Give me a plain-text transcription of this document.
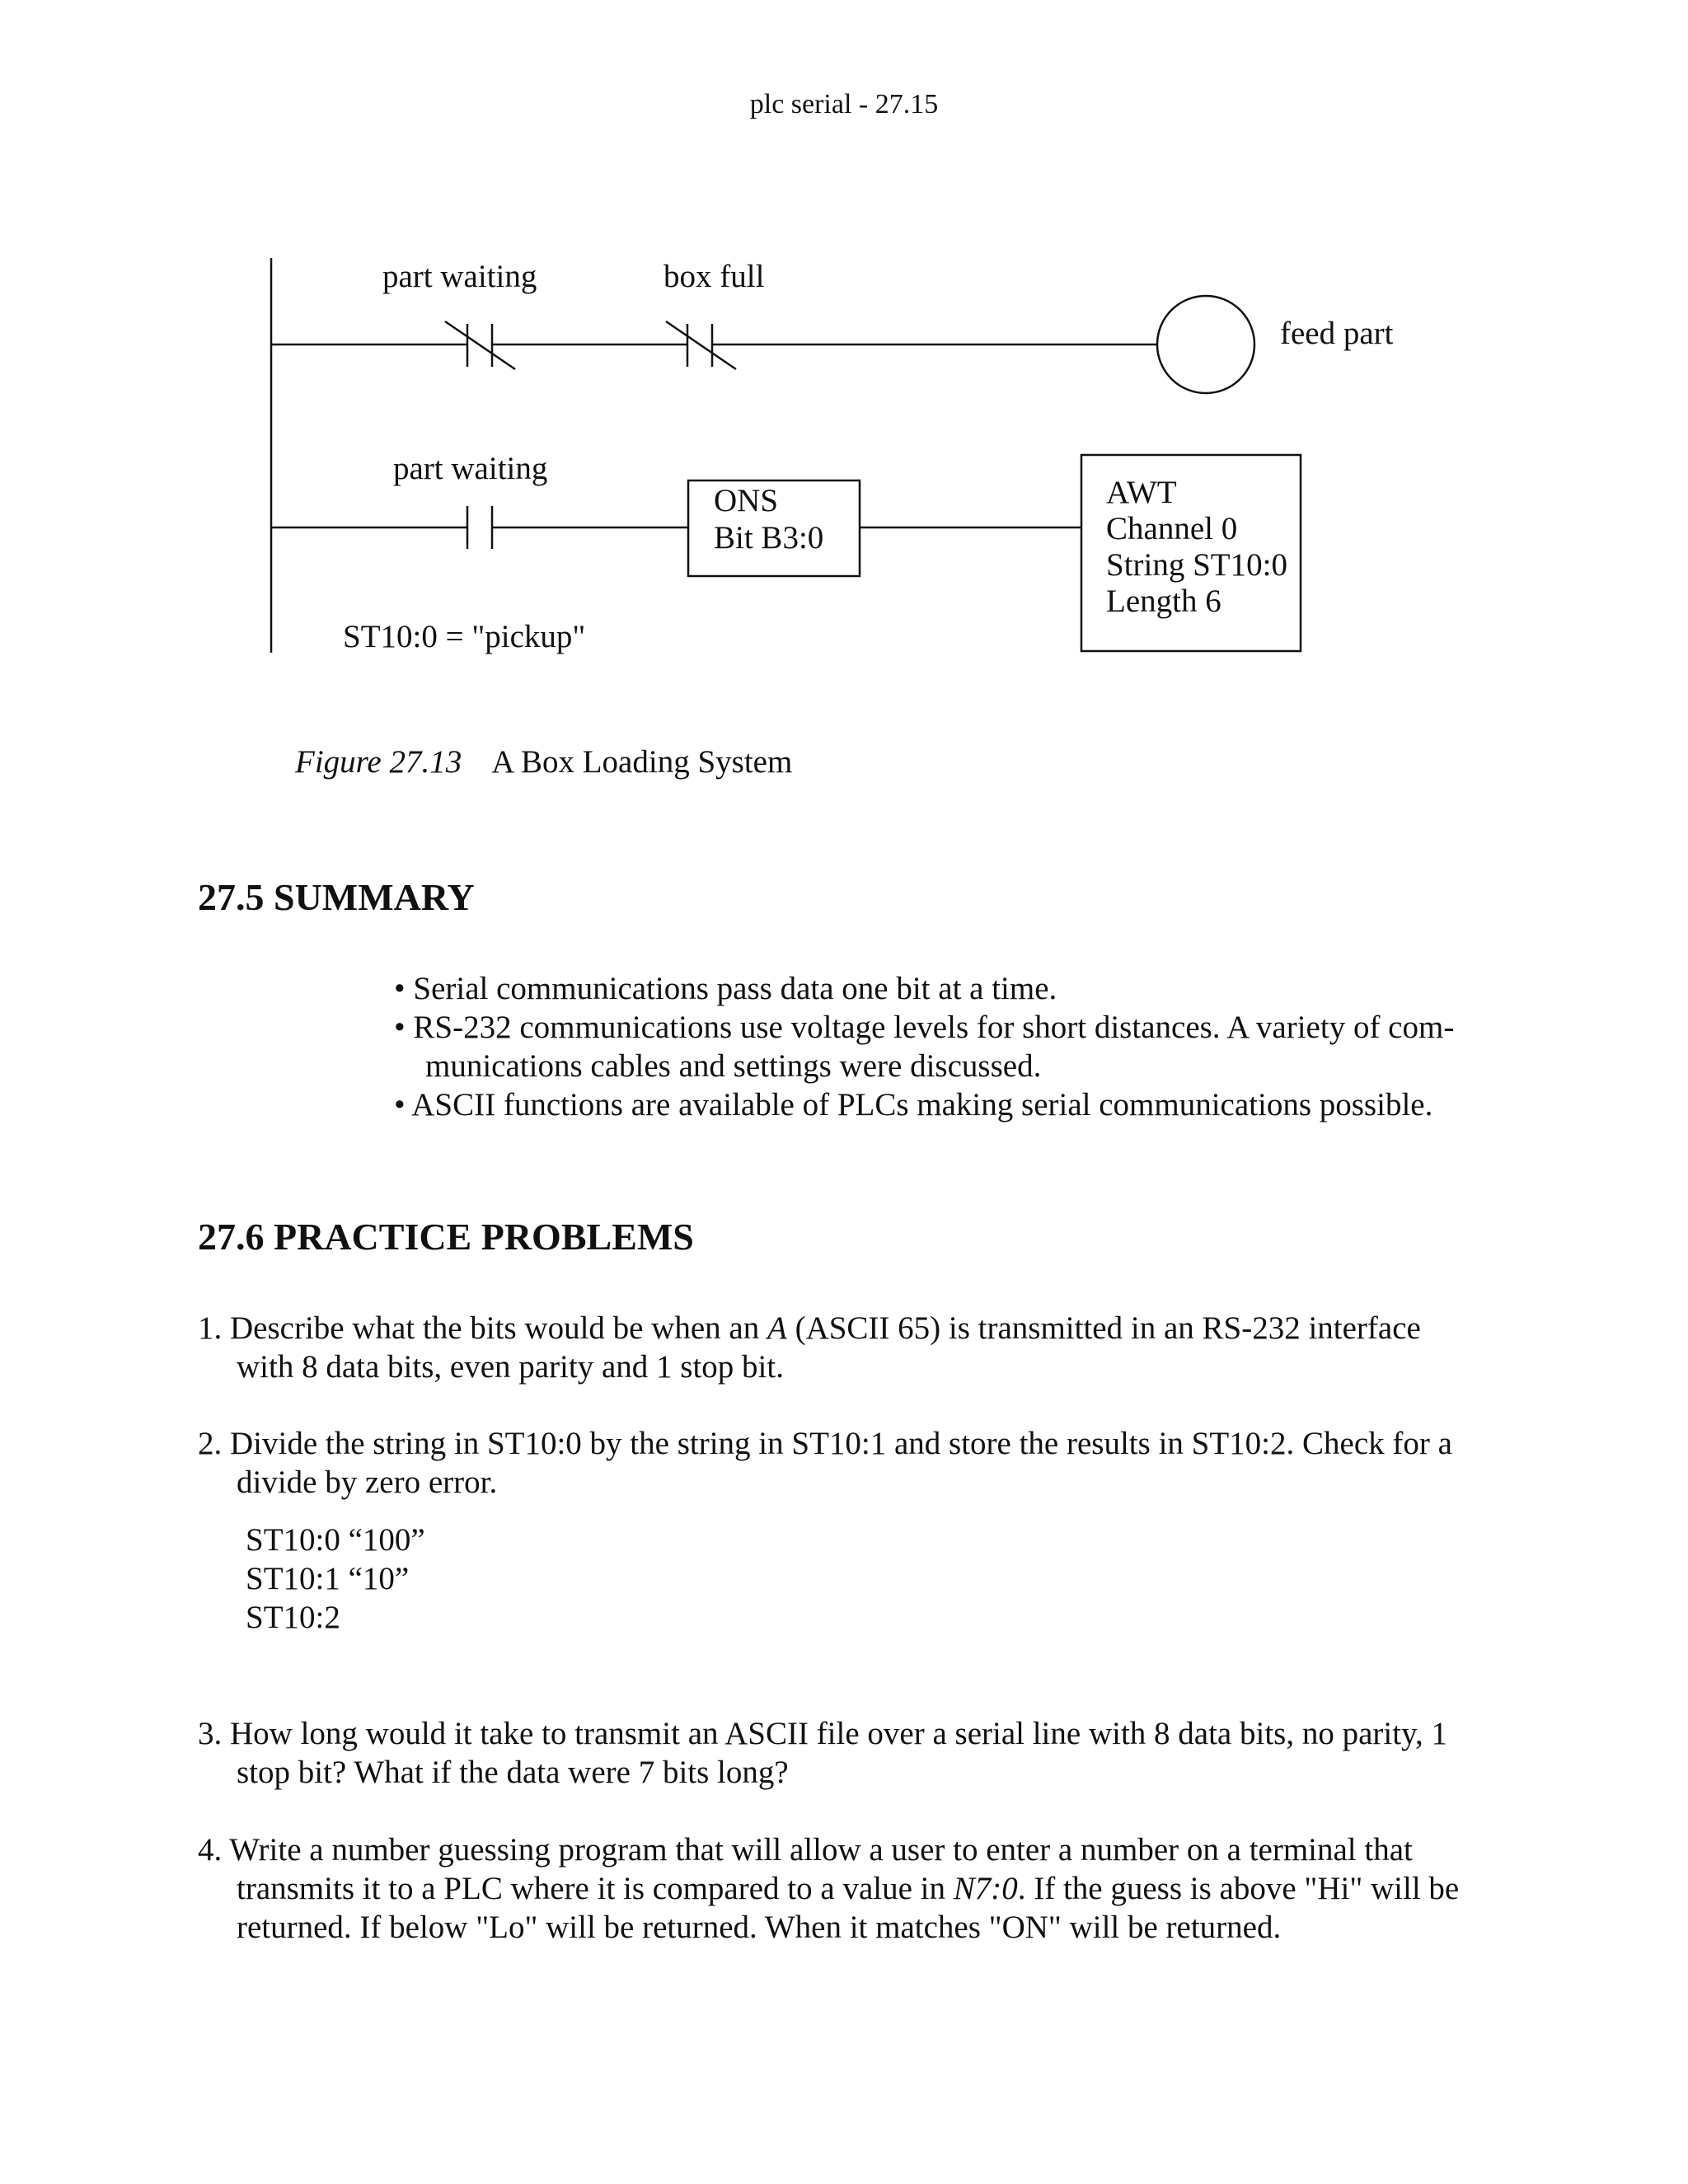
plc serial - 27.15
part waiting	box full
feed part
part waiting
ONS
Bit B3:0
AWT
Channel 0
String ST10:0
Length 6
ST10:0 = "pickup"
Figure 27.13 A Box Loading System
27.5 SUMMARY
• Serial communications pass data one bit at a time.
• RS-232 communications use voltage levels for short distances. A variety of com-
munications cables and settings were discussed.
• ASCII functions are available of PLCs making serial communications possible.
27.6 PRACTICE PROBLEMS
1. Describe what the bits would be when an A (ASCII 65) is transmitted in an RS-232 interface
with 8 data bits, even parity and 1 stop bit.
2. Divide the string in ST10:0 by the string in ST10:1 and store the results in ST10:2. Check for a
divide by zero error.
ST10:0 “100”
ST10:1 “10”
ST10:2
3. How long would it take to transmit an ASCII file over a serial line with 8 data bits, no parity, 1
stop bit? What if the data were 7 bits long?
4. Write a number guessing program that will allow a user to enter a number on a terminal that
transmits it to a PLC where it is compared to a value in N7:0. If the guess is above "Hi" will be
returned. If below "Lo" will be returned. When it matches "ON" will be returned.
